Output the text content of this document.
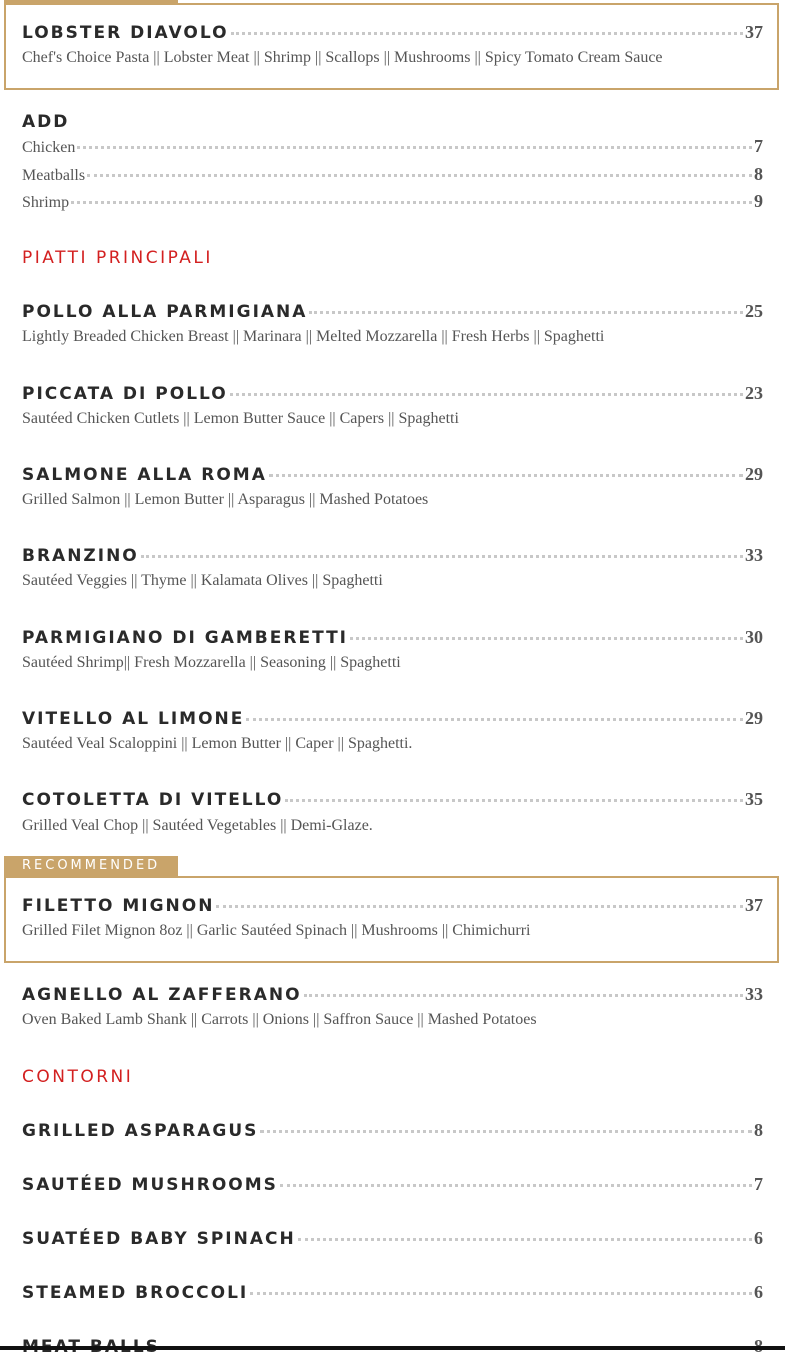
LOBSTER DIAVOLO	37
Chef's Choice Pasta || Lobster Meat || Shrimp || Scallops || Mushrooms || Spicy Tomato Cream Sauce
ADD
Chicken	7
Meatballs	8
Shrimp	9
PIATTI PRINCIPALI
POLLO ALLA PARMIGIANA	25
Lightly Breaded Chicken Breast || Marinara || Melted Mozzarella || Fresh Herbs || Spaghetti
PICCATA DI POLLO	23
Sautéed Chicken Cutlets || Lemon Butter Sauce || Capers || Spaghetti
SALMONE ALLA ROMA	29
Grilled Salmon || Lemon Butter || Asparagus || Mashed Potatoes
BRANZINO	33
Sautéed Veggies || Thyme || Kalamata Olives || Spaghetti
PARMIGIANO DI GAMBERETTI	30
Sautéed Shrimp|| Fresh Mozzarella || Seasoning || Spaghetti
VITELLO AL LIMONE	29
Sautéed Veal Scaloppini || Lemon Butter || Caper || Spaghetti.
COTOLETTA DI VITELLO	35
Grilled Veal Chop || Sautéed Vegetables || Demi-Glaze.
RECOMMENDED
FILETTO MIGNON	37
Grilled Filet Mignon 8oz || Garlic Sautéed Spinach || Mushrooms || Chimichurri
AGNELLO AL ZAFFERANO	33
Oven Baked Lamb Shank || Carrots || Onions || Saffron Sauce || Mashed Potatoes
CONTORNI
GRILLED ASPARAGUS	8
SAUTÉED MUSHROOMS	7
SUATÉED BABY SPINACH	6
STEAMED BROCCOLI	6
